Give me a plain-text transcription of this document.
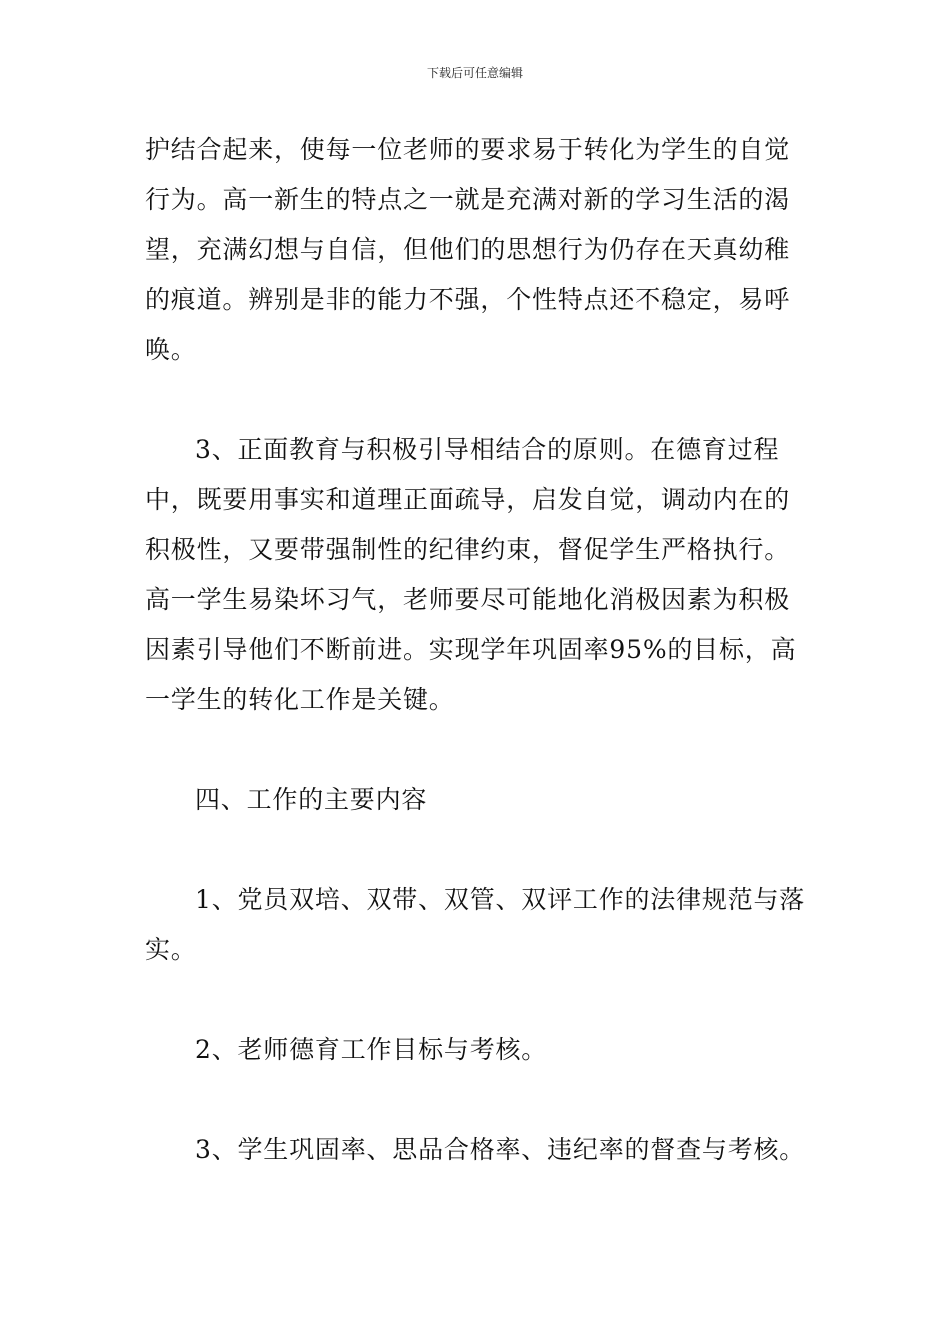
下载后可任意编辑

护结合起来，使每一位老师的要求易于转化为学生的自觉行为。高一新生的特点之一就是充满对新的学习生活的渴望，充满幻想与自信，但他们的思想行为仍存在天真幼稚的痕道。辨别是非的能力不强，个性特点还不稳定，易呼唤。

3、正面教育与积极引导相结合的原则。在德育过程中，既要用事实和道理正面疏导，启发自觉，调动内在的积极性，又要带强制性的纪律约束，督促学生严格执行。高一学生易染坏习气，老师要尽可能地化消极因素为积极因素引导他们不断前进。实现学年巩固率95%的目标，高一学生的转化工作是关键。

四、工作的主要内容

1、党员双培、双带、双管、双评工作的法律规范与落实。

2、老师德育工作目标与考核。

3、学生巩固率、思品合格率、违纪率的督查与考核。
